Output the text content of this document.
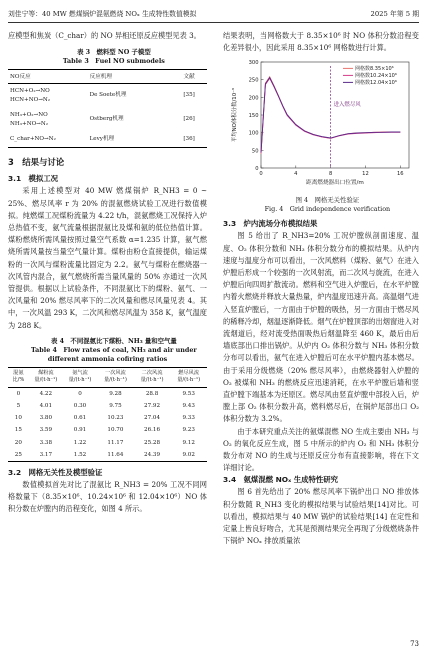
刘佳宁等：40 MW 燃煤锅炉混氨燃烧 NOₓ 生成特性数值模拟	2025 年第 5 期

应模型和焦炭（C_char）的 NO 异相还原反应模型见表 3。

表 3　燃料型 NO 子模型

Table 3　Fuel NO submodels

NO反应	反应机理	文献
HCN+O₂→NO
HCN+NO→N₂	De Soete机理	[35]
NH₃+O₂→NO
NH₃+NO→N₂	Ostberg机理	[26]
C_char+NO→N₂	Levy机理	[36]
3　结果与讨论
3.1　模拟工况

采用上述模型对 40 MW 燃煤锅炉 R_NH3 = 0 ~ 25%、燃尽风率 r 为 20% 的混氨燃烧试验工况进行数值模拟。纯燃煤工况煤粉流量为 4.22 t/h，混氨燃烧工况保持入炉总热值不变，氨气流量根据混氨比及煤和氨的低位热值计算。煤粉燃烧所需风量按照过量空气系数 α=1.235 计算，氨气燃烧所需风量按当量空气量计算。煤粉由粉仓直接提供，输运煤粉的一次风与煤粉流量比固定为 2.2。氨气与煤粉在燃烧器一次风管内混合，氨气燃烧所需当量风量的 50% 亦通过一次风管提供。根据以上试验条件，不同混氨比下的煤粉、氨气、一次风量和 20% 燃尽风率下的二次风量和燃尽风量见表 4。其中，一次风温 293 K，二次风和燃尽风温为 358 K，氨气温度为 288 K。

表 4　不同混氨比下煤粉、NH₃ 量和空气量

Table 4　Flow rates of coal, NH₃ and air under different ammonia cofiring ratios

混氨比/%	煤粉流量/(t·h⁻¹)	氨气流量/(t·h⁻¹)	一次风流量/(t·h⁻¹)	二次风流量/(t·h⁻¹)	燃尽风流量/(t·h⁻¹)
0	4.22	0	9.28	28.8	9.53
5	4.01	0.30	9.75	27.92	9.43
10	3.80	0.61	10.23	27.04	9.33
15	3.59	0.91	10.70	26.16	9.23
20	3.38	1.22	11.17	25.28	9.12
25	3.17	1.52	11.64	24.39	9.02
3.2　网格无关性及模型验证

数值模拟首先对比了混氨比 R_NH3 = 20% 工况不同网格数量下（8.35×10⁶、10.24×10⁶ 和 12.04×10⁶）NO 体积分数在炉膛内的沿程变化，如图 4 所示。

结果表明，当网格数大于 8.35×10⁶ 时 NO 体积分数沿程变化差异很小，因此采用 8.35×10⁶ 网格数进行计算。

0
50
100
150
200
250
300
0	4	8	12	16
距离燃烧器出口位置/m
平均NO体积分数/10⁻⁶	进入燃尽风
网格数8.35×10⁶
网格数10.24×10⁶
网格数12.04×10⁶

图 4　网格无关性验证

Fig. 4　Grid independence verification

3.3　炉内流场分布模拟结果

图 5 给出了 R_NH3=20% 工况炉膛纵剖面速度、温度、O₂ 体积分数和 NH₃ 体积分数分布的模拟结果。从炉内速度与温度分布可以看出，一次风燃料（煤粉、氨气）在进入炉膛后形成一个较强的一次风射流，而二次风与旋流，在进入炉膛后向四周扩散流动。燃料和空气进入炉膛后，在水平炉膛内着火燃烧并释放大量热量，炉内温度迅速升高。高温烟气进入竖直炉膛后，一方面由于炉膛的吸热，另一方面由于燃尽风的稀释冷却，烟温逐渐降低。烟气在炉膛顶部的出烟窗进入对流烟道后，经对流受热面吸热后烟温降至 460 K，最后由后墙底部出口排出锅炉。从炉内 O₂ 体积分数与 NH₃ 体积分数分布可以看出，氨气在进入炉膛后可在水平炉膛内基本燃尽。由于采用分级燃烧（20% 燃尽风率），由燃烧器射入炉膛的 O₂ 被煤和 NH₃ 的燃烧反应迅速消耗，在水平炉膛后墙和竖直炉膛下端基本为还原区。燃尽风由竖直炉膛中部投入后，炉膛上部 O₂ 体积分数升高，燃料燃尽后，在锅炉尾部出口 O₂ 体积分数为 3.2%。

由于本研究重点关注的氨煤混燃 NO 生成主要由 NH₃ 与 O₂ 的氧化反应生成，图 5 中所示的炉内 O₂ 和 NH₃ 体积分数分布对 NO 的生成与还原反应分布有直接影响，将在下文详细讨论。

3.4　氨煤混燃 NOₓ 生成特性研究

图 6 首先给出了 20% 燃尽风率下锅炉出口 NO 排放体积分数随 R_NH3 变化的模拟结果与试验结果[14]对比。可以看出，模拟结果与 40 MW 锅炉的试验结果[14] 在定性和定量上皆良好吻合，尤其是预测结果完全再现了分级燃烧条件下锅炉 NOₓ 排放质量浓

73
